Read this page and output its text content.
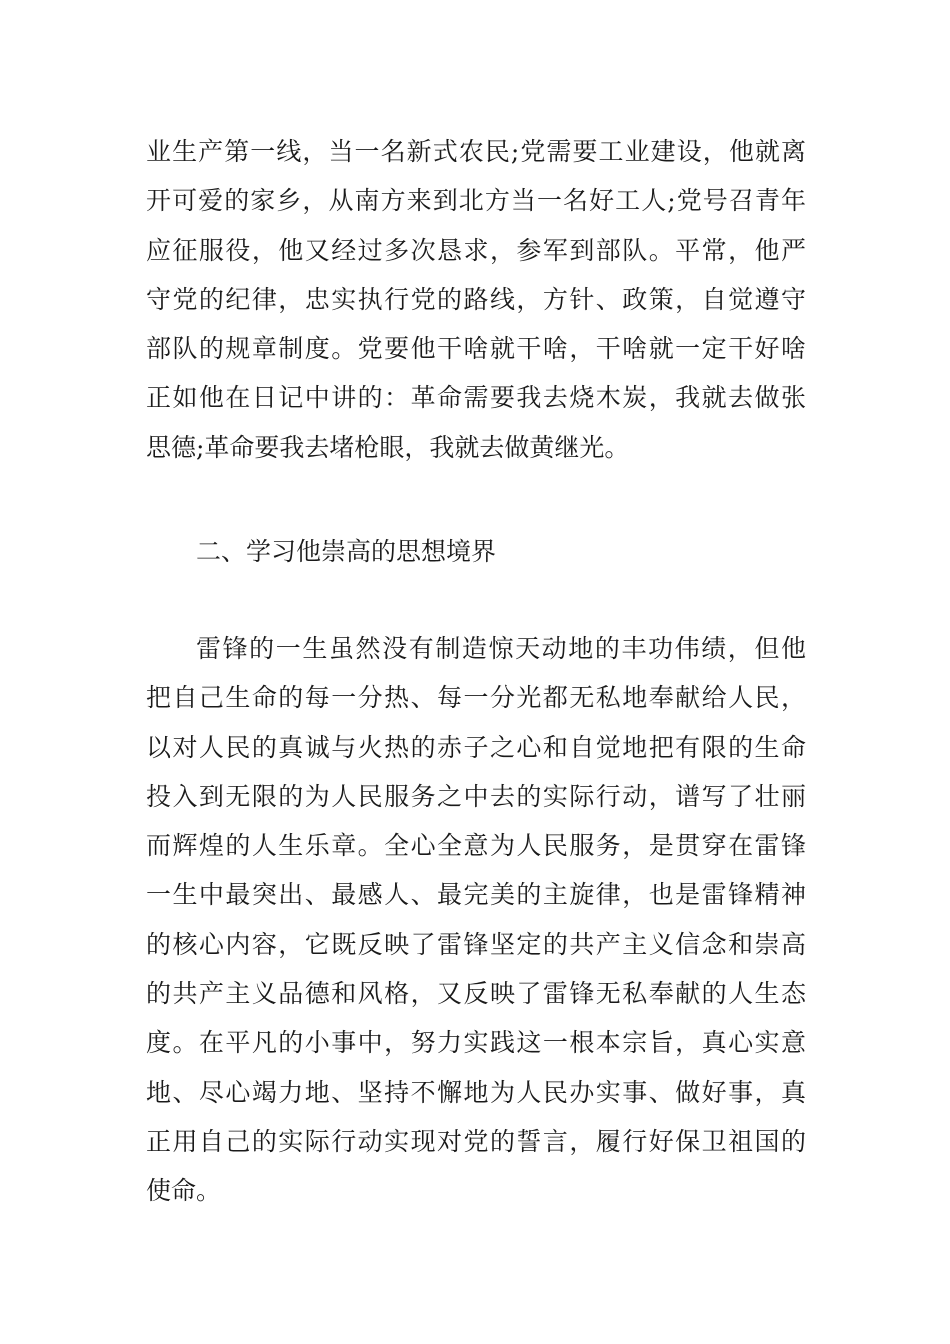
业生产第一线，当一名新式农民;党需要工业建设，他就离
开可爱的家乡，从南方来到北方当一名好工人;党号召青年
应征服役，他又经过多次恳求，参军到部队。平常，他严
守党的纪律，忠实执行党的路线，方针、政策，自觉遵守
部队的规章制度。党要他干啥就干啥，干啥就一定干好啥
正如他在日记中讲的：革命需要我去烧木炭，我就去做张
思德;革命要我去堵枪眼，我就去做黄继光。
二、学习他崇高的思想境界
雷锋的一生虽然没有制造惊天动地的丰功伟绩，但他
把自己生命的每一分热、每一分光都无私地奉献给人民，
以对人民的真诚与火热的赤子之心和自觉地把有限的生命
投入到无限的为人民服务之中去的实际行动，谱写了壮丽
而辉煌的人生乐章。全心全意为人民服务，是贯穿在雷锋
一生中最突出、最感人、最完美的主旋律，也是雷锋精神
的核心内容，它既反映了雷锋坚定的共产主义信念和崇高
的共产主义品德和风格，又反映了雷锋无私奉献的人生态
度。在平凡的小事中，努力实践这一根本宗旨，真心实意
地、尽心竭力地、坚持不懈地为人民办实事、做好事，真
正用自己的实际行动实现对党的誓言，履行好保卫祖国的
使命。
